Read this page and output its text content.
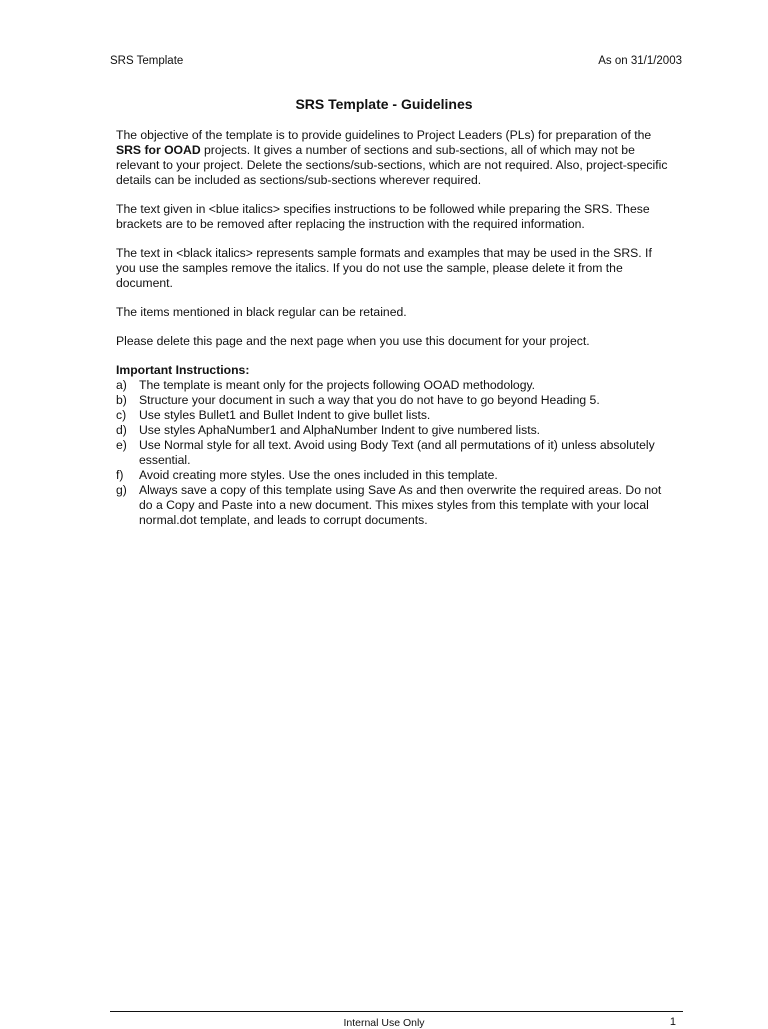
SRS Template	As on 31/1/2003
SRS Template - Guidelines

The objective of the template is to provide guidelines to Project Leaders (PLs) for preparation of the SRS for OOAD projects. It gives a number of sections and sub-sections, all of which may not be relevant to your project. Delete the sections/sub-sections, which are not required. Also, project-specific details can be included as sections/sub-sections wherever required.

The text given in <blue italics> specifies instructions to be followed while preparing the SRS. These brackets are to be removed after replacing the instruction with the required information.

The text in <black italics> represents sample formats and examples that may be used in the SRS. If you use the samples remove the italics. If you do not use the sample, please delete it from the document.

The items mentioned in black regular can be retained.

Please delete this page and the next page when you use this document for your project.

Important Instructions:
a) The template is meant only for the projects following OOAD methodology.
b) Structure your document in such a way that you do not have to go beyond Heading 5.
c)	Use styles Bullet1 and Bullet Indent to give bullet lists.
d) Use styles AphaNumber1 and AlphaNumber Indent to give numbered lists.
e) Use Normal style for all text. Avoid using Body Text (and all permutations of it) unless absolutely essential.
f)	Avoid creating more styles. Use the ones included in this template.
g) Always save a copy of this template using Save As and then overwrite the required areas. Do not do a Copy and Paste into a new document. This mixes styles from this template with your local normal.dot template, and leads to corrupt documents.
Internal Use Only	1
